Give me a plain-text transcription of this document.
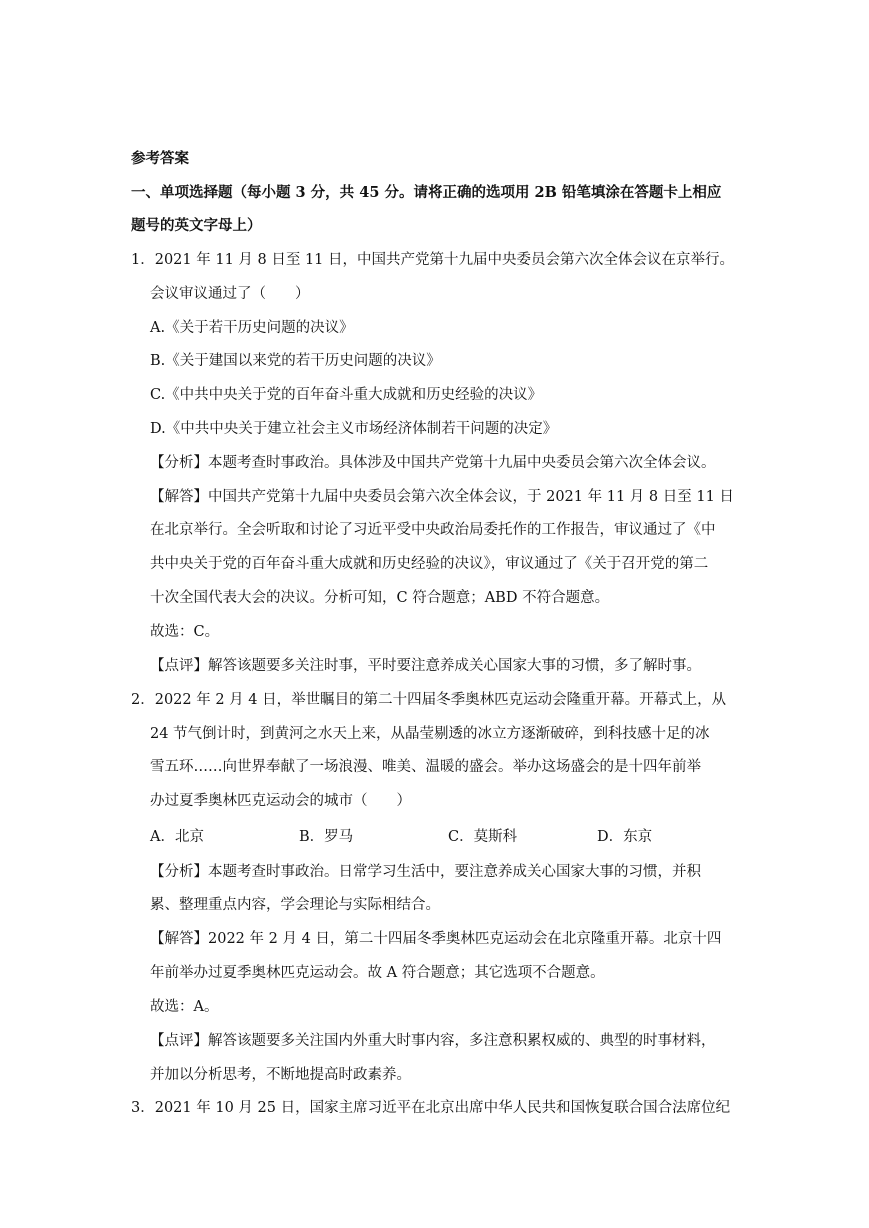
参考答案
一、单项选择题（每小题 3 分，共 45 分。请将正确的选项用 2B 铅笔填涂在答题卡上相应
题号的英文字母上）
1．2021 年 11 月 8 日至 11 日，中国共产党第十九届中央委员会第六次全体会议在京举行。
会议审议通过了（　　）
A.《关于若干历史问题的决议》
B.《关于建国以来党的若干历史问题的决议》
C.《中共中央关于党的百年奋斗重大成就和历史经验的决议》
D.《中共中央关于建立社会主义市场经济体制若干问题的决定》
【分析】本题考查时事政治。具体涉及中国共产党第十九届中央委员会第六次全体会议。
【解答】中国共产党第十九届中央委员会第六次全体会议，于 2021 年 11 月 8 日至 11 日
在北京举行。全会听取和讨论了习近平受中央政治局委托作的工作报告，审议通过了《中
共中央关于党的百年奋斗重大成就和历史经验的决议》，审议通过了《关于召开党的第二
十次全国代表大会的决议。分析可知，C 符合题意；ABD 不符合题意。
故选：C。
【点评】解答该题要多关注时事，平时要注意养成关心国家大事的习惯，多了解时事。
2．2022 年 2 月 4 日，举世瞩目的第二十四届冬季奥林匹克运动会隆重开幕。开幕式上，从
24 节气倒计时，到黄河之水天上来，从晶莹剔透的冰立方逐渐破碎，到科技感十足的冰
雪五环……向世界奉献了一场浪漫、唯美、温暖的盛会。举办这场盛会的是十四年前举
办过夏季奥林匹克运动会的城市（　　）
A．北京	B．罗马	C．莫斯科	D．东京
【分析】本题考查时事政治。日常学习生活中，要注意养成关心国家大事的习惯，并积
累、整理重点内容，学会理论与实际相结合。
【解答】2022 年 2 月 4 日，第二十四届冬季奥林匹克运动会在北京隆重开幕。北京十四
年前举办过夏季奥林匹克运动会。故 A 符合题意；其它选项不合题意。
故选：A。
【点评】解答该题要多关注国内外重大时事内容，多注意积累权威的、典型的时事材料，
并加以分析思考，不断地提高时政素养。
3．2021 年 10 月 25 日，国家主席习近平在北京出席中华人民共和国恢复联合国合法席位纪
